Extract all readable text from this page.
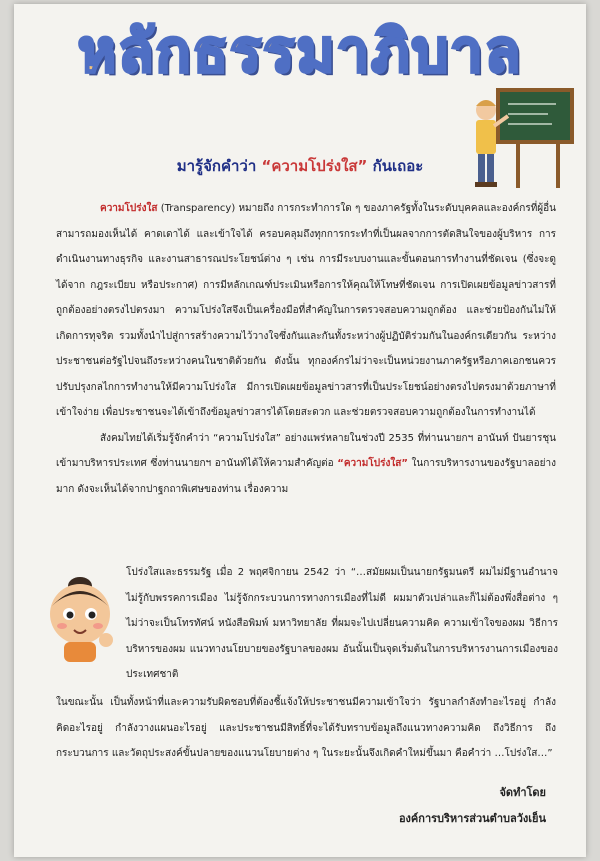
หลักธรรมาภิบาล
มารู้จักคำว่า “ความโปร่งใส” กันเถอะ

ความโปร่งใส (Transparency) หมายถึง การกระทำการใด ๆ ของภาครัฐทั้งในระดับบุคคลและองค์กรที่ผู้อื่นสามารถมองเห็นได้ คาดเดาได้ และเข้าใจได้ ครอบคลุมถึงทุกการกระทำที่เป็นผลจากการตัดสินใจของผู้บริหาร การดำเนินงานทางธุรกิจ และงานสาธารณประโยชน์ต่าง ๆ เช่น การมีระบบงานและขั้นตอนการทำงานที่ชัดเจน (ซึ่งจะดูได้จาก กฎระเบียบ หรือประกาศ) การมีหลักเกณฑ์ประเมินหรือการให้คุณให้โทษที่ชัดเจน การเปิดเผยข้อมูลข่าวสารที่ถูกต้องอย่างตรงไปตรงมา ความโปร่งใสจึงเป็นเครื่องมือที่สำคัญในการตรวจสอบความถูกต้อง และช่วยป้องกันไม่ให้เกิดการทุจริต รวมทั้งนำไปสู่การสร้างความไว้วางใจซึ่งกันและกันทั้งระหว่างผู้ปฏิบัติร่วมกันในองค์กรเดียวกัน ระหว่างประชาชนต่อรัฐไปจนถึงระหว่างคนในชาติด้วยกัน ดังนั้น ทุกองค์กรไม่ว่าจะเป็นหน่วยงานภาครัฐหรือภาคเอกชนควรปรับปรุงกลไกการทำงานให้มีความโปร่งใส มีการเปิดเผยข้อมูลข่าวสารที่เป็นประโยชน์อย่างตรงไปตรงมาด้วยภาษาที่เข้าใจง่าย เพื่อประชาชนจะได้เข้าถึงข้อมูลข่าวสารได้โดยสะดวก และช่วยตรวจสอบความถูกต้องในการทำงานได้

สังคมไทยได้เริ่มรู้จักคำว่า “ความโปร่งใส” อย่างแพร่หลายในช่วงปี 2535 ที่ท่านนายกฯ อานันท์ ปันยารชุน เข้ามาบริหารประเทศ ซึ่งท่านนายกฯ อานันท์ได้ให้ความสำคัญต่อ “ความโปร่งใส” ในการบริหารงานของรัฐบาลอย่างมาก ดังจะเห็นได้จากปาฐกถาพิเศษของท่าน เรื่องความ

โปร่งใสและธรรมรัฐ เมื่อ 2 พฤศจิกายน 2542 ว่า “…สมัยผมเป็นนายกรัฐมนตรี ผมไม่มีฐานอำนาจ ไม่รู้กับพรรคการเมือง ไม่รู้จักกระบวนการทางการเมืองที่ไม่ดี ผมมาตัวเปล่าและก็ไม่ต้องพึ่งสื่อต่าง ๆ ไม่ว่าจะเป็นโทรทัศน์ หนังสือพิมพ์ มหาวิทยาลัย ที่ผมจะไปเปลี่ยนความคิด ความเข้าใจของผม วิธีการบริหารของผม แนวทางนโยบายของรัฐบาลของผม อันนั้นเป็นจุดเริ่มต้นในการบริหารงานการเมืองของประเทศชาติ

ในขณะนั้น เป็นทั้งหน้าที่และความรับผิดชอบที่ต้องชี้แจ้งให้ประชาชนมีความเข้าใจว่า รัฐบาลกำลังทำอะไรอยู่ กำลังคิดอะไรอยู่ กำลังวางแผนอะไรอยู่ และประชาชนมีสิทธิ์ที่จะได้รับทราบข้อมูลถึงแนวทางความคิด ถึงวิธีการ ถึงกระบวนการ และวัตถุประสงค์ขั้นปลายของแนวนโยบายต่าง ๆ ในระยะนั้นจึงเกิดคำใหม่ขึ้นมา คือคำว่า …โปร่งใส…”

จัดทำโดย
องค์การบริหารส่วนตำบลวังเย็น
